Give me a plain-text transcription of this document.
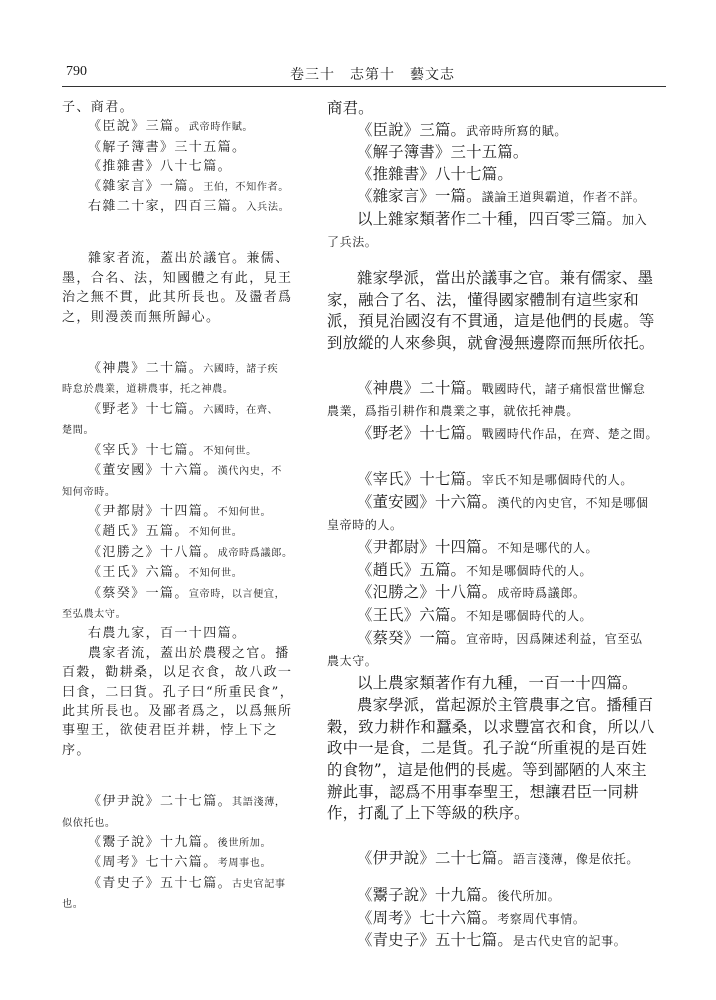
790	卷三十　志第十　藝文志

子、商君。

《臣說》三篇。武帝時作賦。

《解子簿書》三十五篇。

《推雜書》八十七篇。

《雜家言》一篇。王伯，不知作者。

右雜二十家，四百三篇。入兵法。

雜家者流，蓋出於議官。兼儒、

墨，合名、法，知國體之有此，見王

治之無不貫，此其所長也。及盪者爲

之，則漫羡而無所歸心。

《神農》二十篇。六國時，諸子疾

時怠於農業，道耕農事，托之神農。

《野老》十七篇。六國時，在齊、

楚間。

《宰氏》十七篇。不知何世。

《董安國》十六篇。漢代內史，不

知何帝時。

《尹都尉》十四篇。不知何世。

《趙氏》五篇。不知何世。

《氾勝之》十八篇。成帝時爲議郎。

《王氏》六篇。不知何世。

《蔡癸》一篇。宣帝時，以言便宜，

至弘農太守。

右農九家，百一十四篇。

農家者流，蓋出於農稷之官。播

百穀，勸耕桑，以足衣食，故八政一

曰食，二曰貨。孔子曰“所重民食”，

此其所長也。及鄙者爲之，以爲無所

事聖王，欲使君臣并耕，悖上下之

序。

《伊尹說》二十七篇。其語淺薄，

似依托也。

《鬻子說》十九篇。後世所加。

《周考》七十六篇。考周事也。

《青史子》五十七篇。古史官記事

也。

商君。

《臣說》三篇。武帝時所寫的賦。

《解子簿書》三十五篇。

《推雜書》八十七篇。

《雜家言》一篇。議論王道與霸道，作者不詳。

以上雜家類著作二十種，四百零三篇。加入

了兵法。

雜家學派，當出於議事之官。兼有儒家、墨

家，融合了名、法，懂得國家體制有這些家和

派，預見治國沒有不貫通，這是他們的長處。等

到放縱的人來參與，就會漫無邊際而無所依托。

《神農》二十篇。戰國時代，諸子痛恨當世懈怠

農業，爲指引耕作和農業之事，就依托神農。

《野老》十七篇。戰國時代作品，在齊、楚之間。

《宰氏》十七篇。宰氏不知是哪個時代的人。

《董安國》十六篇。漢代的內史官，不知是哪個

皇帝時的人。

《尹都尉》十四篇。不知是哪代的人。

《趙氏》五篇。不知是哪個時代的人。

《氾勝之》十八篇。成帝時爲議郎。

《王氏》六篇。不知是哪個時代的人。

《蔡癸》一篇。宣帝時，因爲陳述利益，官至弘

農太守。

以上農家類著作有九種，一百一十四篇。

農家學派，當起源於主管農事之官。播種百

穀，致力耕作和蠶桑，以求豐富衣和食，所以八

政中一是食，二是貨。孔子說“所重視的是百姓

的食物”，這是他們的長處。等到鄙陋的人來主

辦此事，認爲不用事奉聖王，想讓君臣一同耕

作，打亂了上下等級的秩序。

《伊尹說》二十七篇。語言淺薄，像是依托。

《鬻子說》十九篇。後代所加。

《周考》七十六篇。考察周代事情。

《青史子》五十七篇。是古代史官的記事。
